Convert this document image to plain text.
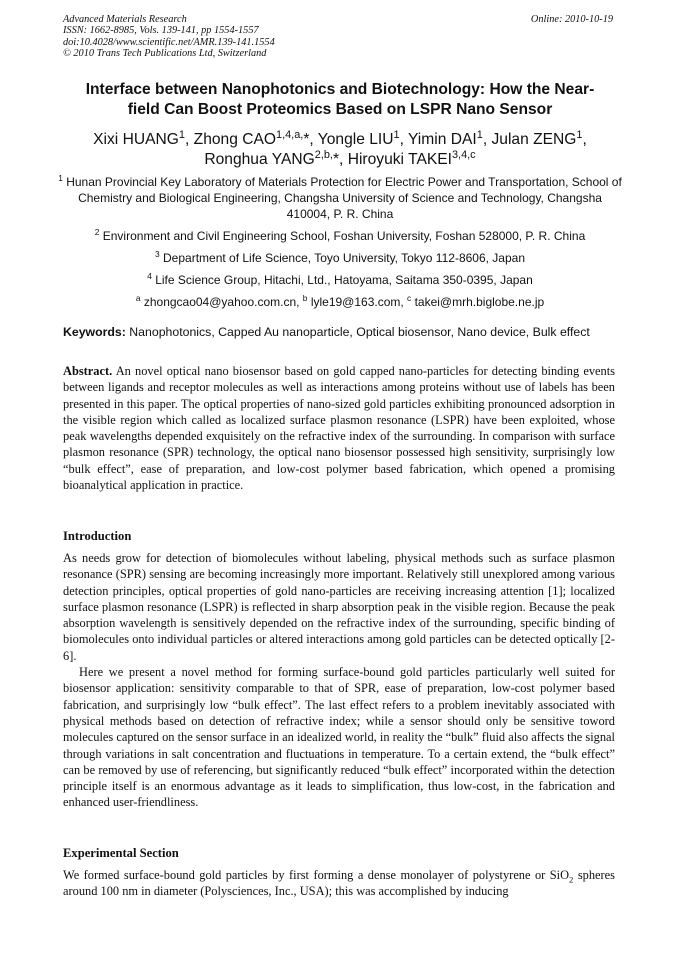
Advanced Materials Research
ISSN: 1662-8985, Vols. 139-141, pp 1554-1557
doi:10.4028/www.scientific.net/AMR.139-141.1554
© 2010 Trans Tech Publications Ltd, Switzerland
Online: 2010-10-19
Interface between Nanophotonics and Biotechnology: How the Near-field Can Boost Proteomics Based on LSPR Nano Sensor
Xixi HUANG$^1$, Zhong $CAO^{1,4,a,}*$, Yongle LIU$^1$, Yimin DAI$^1$, Julan ZENG$^1$,
Ronghua $YANG^{2,b,}*$, Hiroyuki TAKEI$^{3,4,c}$
$^1$ Hunan Provincial Key Laboratory of Materials Protection for Electric Power and Transportation, School of Chemistry and Biological Engineering, Changsha University of Science and Technology, Changsha 410004, P. R. China
$^2$ Environment and Civil Engineering School, Foshan University, Foshan 528000, P. R. China
$^3$ Department of Life Science, Toyo University, Tokyo 112-8606, Japan
$^4$ Life Science Group, Hitachi, Ltd., Hatoyama, Saitama 350-0395, Japan
$^a$ zhongcao04@yahoo.com.cn, $^b$ lyle19@163.com, $^c$ takei@mrh.biglobe.ne.jp
Keywords: Nanophotonics, Capped Au nanoparticle, Optical biosensor, Nano device, Bulk effect
Abstract. An novel optical nano biosensor based on gold capped nano-particles for detecting binding events between ligands and receptor molecules as well as interactions among proteins without use of labels has been presented in this paper. The optical properties of nano-sized gold particles exhibiting pronounced adsorption in the visible region which called as localized surface plasmon resonance (LSPR) have been exploited, whose peak wavelengths depended exquisitely on the refractive index of the surrounding. In comparison with surface plasmon resonance (SPR) technology, the optical nano biosensor possessed high sensitivity, surprisingly low “bulk effect”, ease of preparation, and low-cost polymer based fabrication, which opened a promising bioanalytical application in practice.
Introduction

As needs grow for detection of biomolecules without labeling, physical methods such as surface plasmon resonance (SPR) sensing are becoming increasingly more important. Relatively still unexplored among various detection principles, optical properties of gold nano-particles are receiving increasing attention [1]; localized surface plasmon resonance (LSPR) is reflected in sharp absorption peak in the visible region. Because the peak absorption wavelength is sensitively depended on the refractive index of the surrounding, specific binding of biomolecules onto individual particles or altered interactions among gold particles can be detected optically [2-6].

Here we present a novel method for forming surface-bound gold particles particularly well suited for biosensor application: sensitivity comparable to that of SPR, ease of preparation, low-cost polymer based fabrication, and surprisingly low “bulk effect”. The last effect refers to a problem inevitably associated with physical methods based on detection of refractive index; while a sensor should only be sensitive toword molecules captured on the sensor surface in an idealized world, in reality the “bulk” fluid also affects the signal through variations in salt concentration and fluctuations in temperature. To a certain extend, the “bulk effect” can be removed by use of referencing, but significantly reduced “bulk effect” incorporated within the detection principle itself is an enormous advantage as it leads to simplification, thus low-cost, in the fabrication and enhanced user-friendliness.

Experimental Section

We formed surface-bound gold particles by first forming a dense monolayer of polystyrene or SiO$_2$ spheres around 100 nm in diameter (Polysciences, Inc., USA); this was accomplished by inducing
